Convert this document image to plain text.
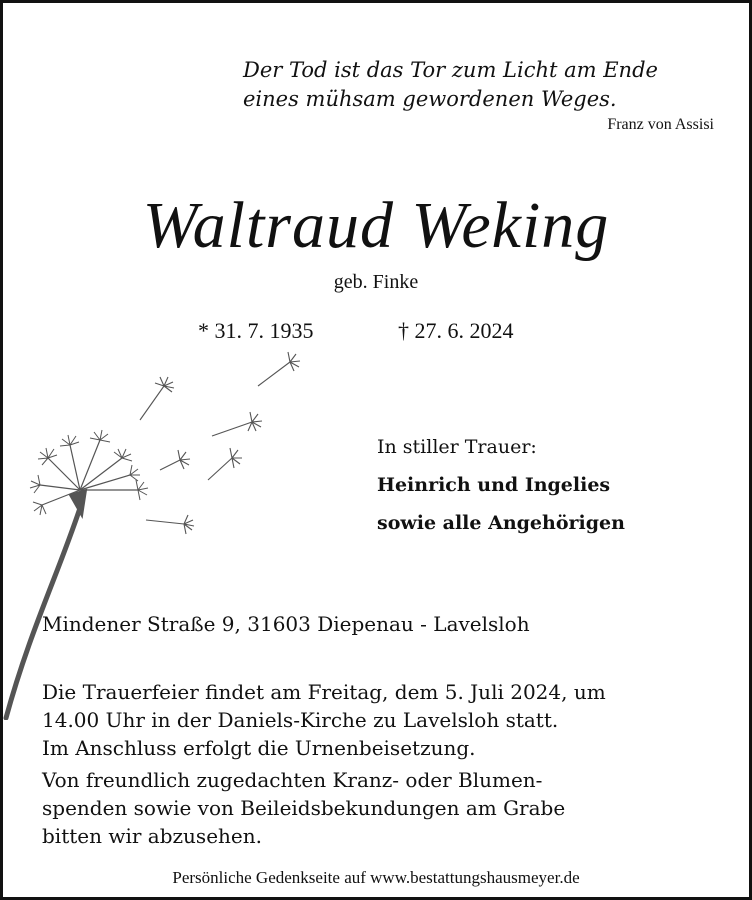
Der Tod ist das Tor zum Licht am Ende
eines mühsam gewordenen Weges.
Franz von Assisi
Waltraud Weking
geb. Finke
* 31. 7. 1935	† 27. 6. 2024
In stiller Trauer:
Heinrich und Ingelies
sowie alle Angehörigen
Mindener Straße 9, 31603 Diepenau - Lavelsloh

Die Trauerfeier findet am Freitag, dem 5. Juli 2024, um
14.00 Uhr in der Daniels-Kirche zu Lavelsloh statt.
Im Anschluss erfolgt die Urnenbeisetzung.

Von freundlich zugedachten Kranz- oder Blumen-
spenden sowie von Beileidsbekundungen am Grabe
bitten wir abzusehen.

Persönliche Gedenkseite auf www.bestattungshausmeyer.de
